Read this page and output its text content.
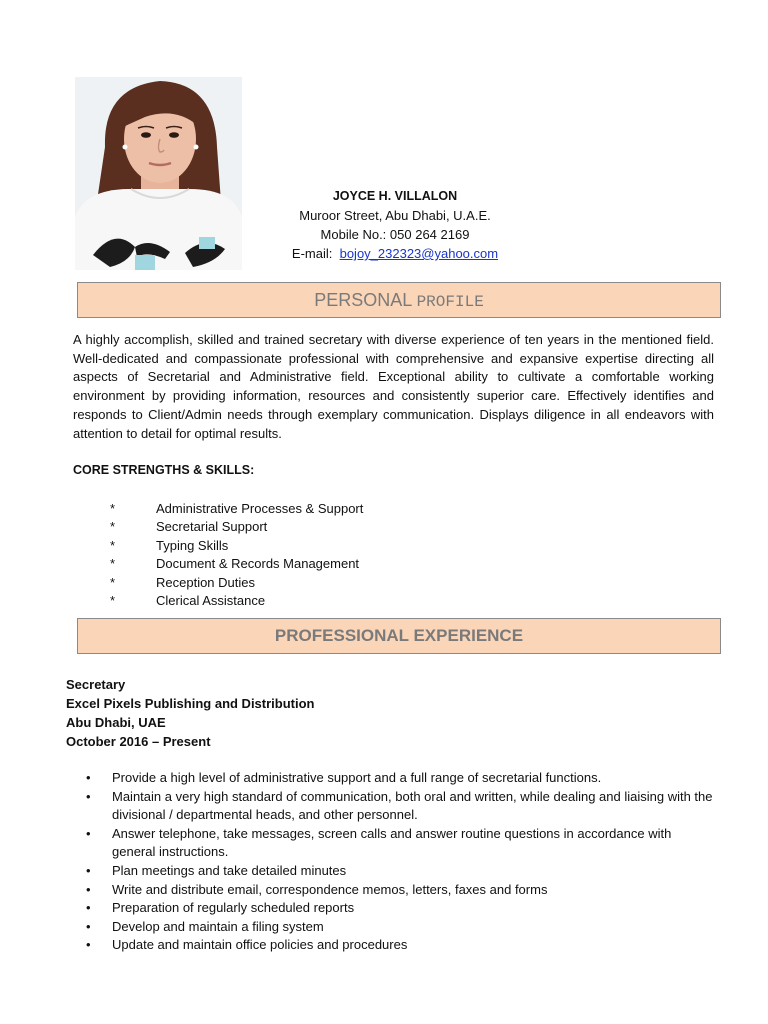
JOYCE H. VILLALON
Muroor Street, Abu Dhabi, U.A.E.
Mobile No.: 050 264 2169
E-mail:  bojoy_232323@yahoo.com
PERSONAL PROFILE
A highly accomplish, skilled and trained secretary with diverse experience of ten years in the mentioned field. Well-dedicated and compassionate professional with comprehensive and expansive expertise directing all aspects of Secretarial and Administrative field. Exceptional ability to cultivate a comfortable working environment by providing information, resources and consistently superior care. Effectively identifies and responds to Client/Admin needs through exemplary communication. Displays diligence in all endeavors with attention to detail for optimal results.
CORE STRENGTHS & SKILLS:
*	Administrative Processes & Support
*	Secretarial Support
*	Typing Skills
*	Document & Records Management
*	Reception Duties
*	Clerical Assistance
PROFESSIONAL EXPERIENCE
Secretary
Excel Pixels Publishing and Distribution
Abu Dhabi, UAE
October 2016 – Present
•	Provide a high level of administrative support and a full range of secretarial functions.
•	Maintain a very high standard of communication, both oral and written, while dealing and liaising with the divisional / departmental heads, and other personnel.
•	Answer telephone, take messages, screen calls and answer routine questions in accordance with general instructions.
•	Plan meetings and take detailed minutes
•	Write and distribute email, correspondence memos, letters, faxes and forms
•	Preparation of regularly scheduled reports
•	Develop and maintain a filing system
•	Update and maintain office policies and procedures
